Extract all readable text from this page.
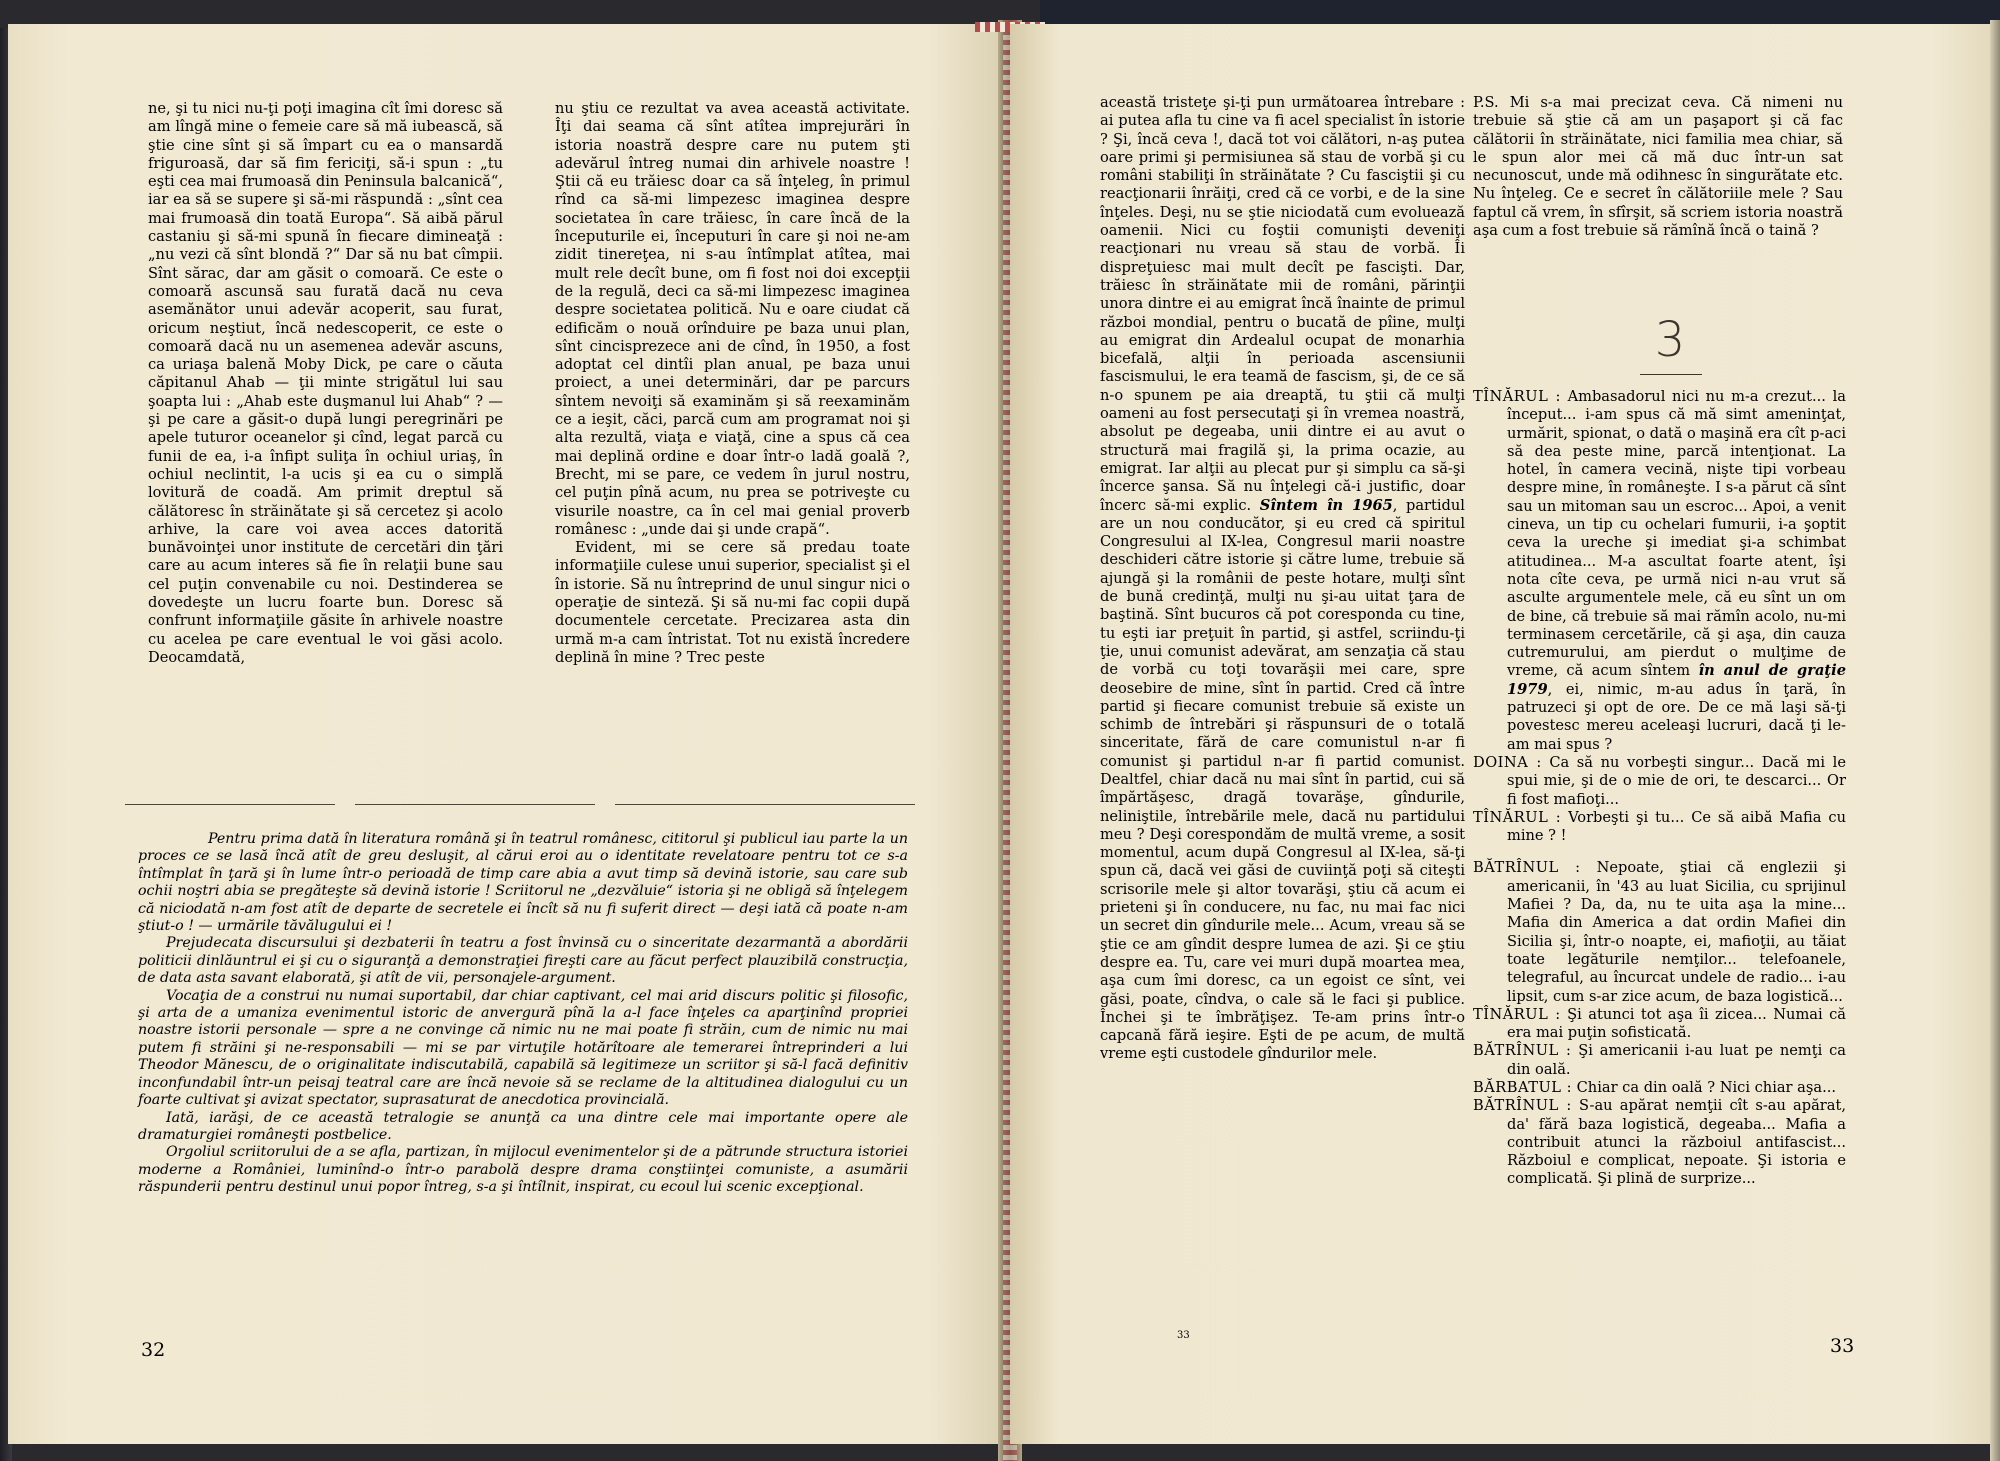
ne, şi tu nici nu-ţi poţi imagina cît îmi doresc să am lîngă mine o femeie care să mă iubească, să ştie cine sînt şi să împart cu ea o mansardă friguroasă, dar să fim fericiţi, să-i spun : „tu eşti cea mai frumoasă din Peninsula balcanică“, iar ea să se supere şi să-mi răspundă : „sînt cea mai frumoasă din toată Europa“. Să aibă părul castaniu şi să-mi spună în fiecare dimineaţă : „nu vezi că sînt blondă ?“ Dar să nu bat cîmpii. Sînt sărac, dar am găsit o comoară. Ce este o comoară ascunsă sau furată dacă nu ceva asemănător unui adevăr acoperit, sau furat, oricum neştiut, încă nedescoperit, ce este o comoară dacă nu un asemenea adevăr ascuns, ca uriaşa balenă Moby Dick, pe care o căuta căpitanul Ahab — ţii minte strigătul lui sau şoapta lui : „Ahab este duşmanul lui Ahab“ ? — şi pe care a găsit-o după lungi peregrinări pe apele tuturor oceanelor şi cînd, legat parcă cu funii de ea, i-a înfipt suliţa în ochiul uriaş, în ochiul neclintit, l-a ucis şi ea cu o simplă lovitură de coadă. Am primit dreptul să călătoresc în străinătate şi să cercetez şi acolo arhive, la care voi avea acces datorită bunăvoinţei unor institute de cercetări din ţări care au acum interes să fie în relaţii bune sau cel puţin convenabile cu noi. Destinderea se dovedeşte un lucru foarte bun. Doresc să confrunt informaţiile găsite în arhivele noastre cu acelea pe care eventual le voi găsi acolo. Deocamdată,

nu ştiu ce rezultat va avea această activitate. Îţi dai seama că sînt atîtea imprejurări în istoria noastră despre care nu putem şti adevărul întreg numai din arhivele noastre ! Ştii că eu trăiesc doar ca să înţeleg, în primul rînd ca să-mi limpezesc imaginea despre societatea în care trăiesc, în care încă de la începuturile ei, începuturi în care şi noi ne-am zidit tinereţea, ni s-au întîmplat atîtea, mai mult rele decît bune, om fi fost noi doi excepţii de la regulă, deci ca să-mi limpezesc imaginea despre societatea politică. Nu e oare ciudat că edificăm o nouă orînduire pe baza unui plan, sînt cincisprezece ani de cînd, în 1950, a fost adoptat cel dintîi plan anual, pe baza unui proiect, a unei determinări, dar pe parcurs sîntem nevoiţi să examinăm şi să reexaminăm ce a ieşit, căci, parcă cum am programat noi şi alta rezultă, viaţa e viaţă, cine a spus că cea mai deplină ordine e doar într-o ladă goală ?, Brecht, mi se pare, ce vedem în jurul nostru, cel puţin pînă acum, nu prea se potriveşte cu visurile noastre, ca în cel mai genial proverb românesc : „unde dai şi unde crapă“.

Evident, mi se cere să predau toate informaţiile culese unui superior, specialist şi el în istorie. Să nu întreprind de unul singur nici o operaţie de sinteză. Şi să nu-mi fac copii după documentele cercetate. Precizarea asta din urmă m-a cam întristat. Tot nu există încredere deplină în mine ? Trec peste

Pentru prima dată în literatura română şi în teatrul românesc, cititorul şi publicul iau parte la un proces ce se lasă încă atît de greu desluşit, al cărui eroi au o identitate revelatoare pentru tot ce s-a întîmplat în ţară şi în lume într-o perioadă de timp care abia a avut timp să devină istorie, sau care sub ochii noştri abia se pregăteşte să devină istorie ! Scriitorul ne „dezvăluie“ istoria şi ne obligă să înţelegem că niciodată n-am fost atît de departe de secretele ei încît să nu fi suferit direct — deşi iată că poate n-am ştiut-o ! — urmările tăvălugului ei !

Prejudecata discursului şi dezbaterii în teatru a fost învinsă cu o sinceritate dezarmantă a abordării politicii dinlăuntrul ei şi cu o siguranţă a demonstraţiei fireşti care au făcut perfect plauzibilă construcţia, de data asta savant elaborată, şi atît de vii, personajele-argument.

Vocaţia de a construi nu numai suportabil, dar chiar captivant, cel mai arid discurs politic şi filosofic, şi arta de a umaniza evenimentul istoric de anvergură pînă la a-l face înţeles ca aparţinînd propriei noastre istorii personale — spre a ne convinge că nimic nu ne mai poate fi străin, cum de nimic nu mai putem fi străini şi ne-responsabili — mi se par virtuţile hotărîtoare ale temerarei întreprinderi a lui Theodor Mănescu, de o originalitate indiscutabilă, capabilă să legitimeze un scriitor şi să-l facă definitiv inconfundabil într-un peisaj teatral care are încă nevoie să se reclame de la altitudinea dialogului cu un foarte cultivat şi avizat spectator, suprasaturat de anecdotica provincială.

Iată, iarăşi, de ce această tetralogie se anunţă ca una dintre cele mai importante opere ale dramaturgiei româneşti postbelice.

Orgoliul scriitorului de a se afla, partizan, în mijlocul evenimentelor şi de a pătrunde structura istoriei moderne a României, luminînd-o într-o parabolă despre drama conştiinţei comuniste, a asumării răspunderii pentru destinul unui popor întreg, s-a şi întîlnit, inspirat, cu ecoul lui scenic excepţional.

32

această tristeţe şi-ţi pun următoarea întrebare : ai putea afla tu cine va fi acel specialist în istorie ? Şi, încă ceva !, dacă tot voi călători, n-aş putea oare primi şi permisiunea să stau de vorbă şi cu români stabiliţi în străinătate ? Cu fasciştii şi cu reacţionarii înrăiţi, cred că ce vorbi, e de la sine înţeles. Deşi, nu se ştie niciodată cum evoluează oamenii. Nici cu foştii comunişti deveniţi reacţionari nu vreau să stau de vorbă. Îi dispreţuiesc mai mult decît pe fascişti. Dar, trăiesc în străinătate mii de români, părinţii unora dintre ei au emigrat încă înainte de primul război mondial, pentru o bucată de pîine, mulţi au emigrat din Ardealul ocupat de monarhia bicefală, alţii în perioada ascensiunii fascismului, le era teamă de fascism, şi, de ce să n-o spunem pe aia dreaptă, tu ştii că mulţi oameni au fost persecutaţi şi în vremea noastră, absolut pe degeaba, unii dintre ei au avut o structură mai fragilă şi, la prima ocazie, au emigrat. Iar alţii au plecat pur şi simplu ca să-şi încerce şansa. Să nu înţelegi că-i justific, doar încerc să-mi explic. Sîntem în 1965, partidul are un nou conducător, şi eu cred că spiritul Congresului al IX-lea, Congresul marii noastre deschideri către istorie şi către lume, trebuie să ajungă şi la românii de peste hotare, mulţi sînt de bună credinţă, mulţi nu şi-au uitat ţara de baştină. Sînt bucuros că pot coresponda cu tine, tu eşti iar preţuit în partid, şi astfel, scriindu-ţi ţie, unui comunist adevărat, am senzaţia că stau de vorbă cu toţi tovarăşii mei care, spre deosebire de mine, sînt în partid. Cred că între partid şi fiecare comunist trebuie să existe un schimb de întrebări şi răspunsuri de o totală sinceritate, fără de care comunistul n-ar fi comunist şi partidul n-ar fi partid comunist. Dealtfel, chiar dacă nu mai sînt în partid, cui să împărtăşesc, dragă tovarăşe, gîndurile, neliniştile, întrebările mele, dacă nu partidului meu ? Deşi corespondăm de multă vreme, a sosit momentul, acum după Congresul al IX-lea, să-ţi spun că, dacă vei găsi de cuviinţă poţi să citeşti scrisorile mele şi altor tovarăşi, ştiu că acum ei prieteni şi în conducere, nu fac, nu mai fac nici un secret din gîndurile mele... Acum, vreau să se ştie ce am gîndit despre lumea de azi. Şi ce ştiu despre ea. Tu, care vei muri după moartea mea, aşa cum îmi doresc, ca un egoist ce sînt, vei găsi, poate, cîndva, o cale să le faci şi publice. Închei şi te îmbrăţişez. Te-am prins într-o capcană fără ieşire. Eşti de pe acum, de multă vreme eşti custodele gîndurilor mele.

P.S. Mi s-a mai precizat ceva. Că nimeni nu trebuie să ştie că am un paşaport şi că fac călătorii în străinătate, nici familia mea chiar, să le spun alor mei că mă duc într-un sat necunoscut, unde mă odihnesc în singurătate etc. Nu înţeleg. Ce e secret în călătoriile mele ? Sau faptul că vrem, în sfîrşit, să scriem istoria noastră aşa cum a fost trebuie să rămînă încă o taină ?

3

TÎNĂRUL : Ambasadorul nici nu m-a crezut... la început... i-am spus că mă simt ameninţat, urmărit, spionat, o dată o maşină era cît p-aci să dea peste mine, parcă intenţionat. La hotel, în camera vecină, nişte tipi vorbeau despre mine, în româneşte. I s-a părut că sînt sau un mitoman sau un escroc... Apoi, a venit cineva, un tip cu ochelari fumurii, i-a şoptit ceva la ureche şi imediat şi-a schimbat atitudinea... M-a ascultat foarte atent, îşi nota cîte ceva, pe urmă nici n-au vrut să asculte argumentele mele, că eu sînt un om de bine, că trebuie să mai rămîn acolo, nu-mi terminasem cercetările, că şi aşa, din cauza cutremurului, am pierdut o mulţime de vreme, că acum sîntem în anul de graţie 1979, ei, nimic, m-au adus în ţară, în patruzeci şi opt de ore. De ce mă laşi să-ţi povestesc mereu aceleaşi lucruri, dacă ţi le-am mai spus ?

DOINA : Ca să nu vorbeşti singur... Dacă mi le spui mie, şi de o mie de ori, te descarci... Or fi fost mafioţi...

TÎNĂRUL : Vorbeşti şi tu... Ce să aibă Mafia cu mine ? !

BĂTRÎNUL : Nepoate, ştiai că englezii şi americanii, în '43 au luat Sicilia, cu sprijinul Mafiei ? Da, da, nu te uita aşa la mine... Mafia din America a dat ordin Mafiei din Sicilia şi, într-o noapte, ei, mafioţii, au tăiat toate legăturile nemţilor... telefoanele, telegraful, au încurcat undele de radio... i-au lipsit, cum s-ar zice acum, de baza logistică...

TÎNĂRUL : Şi atunci tot aşa îi zicea... Numai că era mai puţin sofisticată.

BĂTRÎNUL : Şi americanii i-au luat pe nemţi ca din oală.

BĂRBATUL : Chiar ca din oală ? Nici chiar aşa...

BĂTRÎNUL : S-au apărat nemţii cît s-au apărat, da' fără baza logistică, degeaba... Mafia a contribuit atunci la războiul antifascist... Războiul e complicat, nepoate. Şi istoria e complicată. Şi plină de surprize...

33	33
